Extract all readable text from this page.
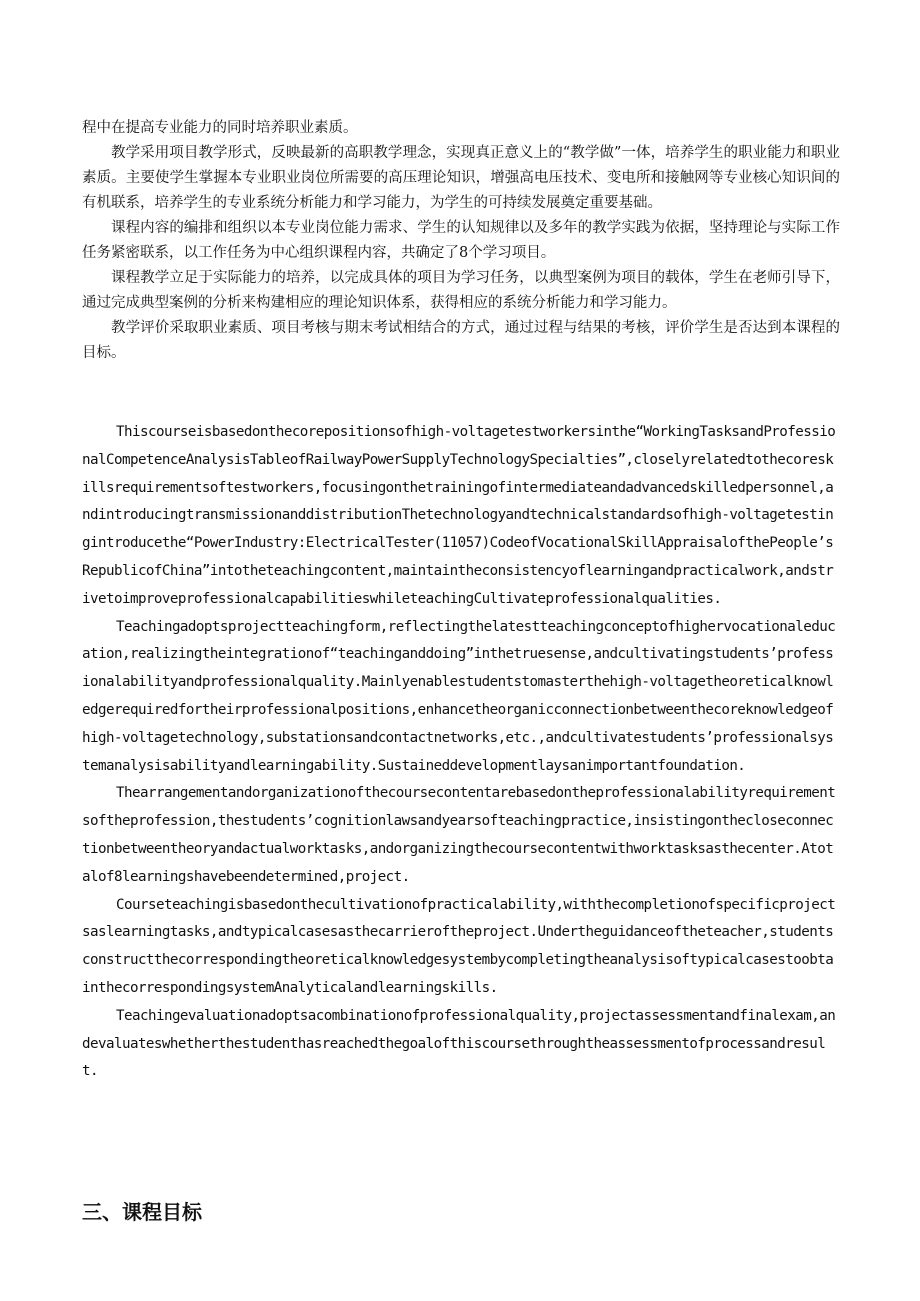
程中在提高专业能力的同时培养职业素质。

教学采用项目教学形式，反映最新的高职教学理念，实现真正意义上的“教学做”一体，培养学生的职业能力和职业素质。主要使学生掌握本专业职业岗位所需要的高压理论知识，增强高电压技术、变电所和接触网等专业核心知识间的有机联系，培养学生的专业系统分析能力和学习能力，为学生的可持续发展奠定重要基础。

课程内容的编排和组织以本专业岗位能力需求、学生的认知规律以及多年的教学实践为依据，坚持理论与实际工作任务紧密联系，以工作任务为中心组织课程内容，共确定了8个学习项目。

课程教学立足于实际能力的培养，以完成具体的项目为学习任务，以典型案例为项目的载体，学生在老师引导下，通过完成典型案例的分析来构建相应的理论知识体系，获得相应的系统分析能力和学习能力。

教学评价采取职业素质、项目考核与期末考试相结合的方式，通过过程与结果的考核，评价学生是否达到本课程的目标。

Thiscourseisbasedonthecorepositionsofhigh-voltagetestworkersinthe“WorkingTasksandProfessionalCompetenceAnalysisTableofRailwayPowerSupplyTechnologySpecialties”,closelyrelatedtothecoreskillsrequirementsoftestworkers,focusingonthetrainingofintermediateandadvancedskilledpersonnel,andintroducingtransmissionanddistributionThetechnologyandtechnicalstandardsofhigh-voltagetestingintroducethe“PowerIndustry:ElectricalTester(11057)CodeofVocationalSkillAppraisalofthePeople’sRepublicofChina”intotheteachingcontent,maintaintheconsistencyoflearningandpracticalwork,andstrivetoimproveprofessionalcapabilitieswhileteachingCultivateprofessionalqualities.

Teachingadoptsprojectteachingform,reflectingthelatestteachingconceptofhighervocationaleducation,realizingtheintegrationof“teachinganddoing”inthetruesense,andcultivatingstudents’professionalabilityandprofessionalquality.Mainlyenablestudentstomasterthehigh-voltagetheoreticalknowledgerequiredfortheirprofessionalpositions,enhancetheorganicconnectionbetweenthecoreknowledgeofhigh-voltagetechnology,substationsandcontactnetworks,etc.,andcultivatestudents’professionalsystemanalysisabilityandlearningability.Sustaineddevelopmentlaysanimportantfoundation.

Thearrangementandorganizationofthecoursecontentarebasedontheprofessionalabilityrequirementsoftheprofession,thestudents’cognitionlawsandyearsofteachingpractice,insistingonthecloseconnectionbetweentheoryandactualworktasks,andorganizingthecoursecontentwithworktasksasthecenter.Atotalof8learningshavebeendetermined,project.

Courseteachingisbasedonthecultivationofpracticalability,withthecompletionofspecificprojectsaslearningtasks,andtypicalcasesasthecarrieroftheproject.Undertheguidanceoftheteacher,studentsconstructthecorrespondingtheoreticalknowledgesystembycompletingtheanalysisoftypicalcasestoobtainthecorrespondingsystemAnalyticalandlearningskills.

Teachingevaluationadoptsacombinationofprofessionalquality,projectassessmentandfinalexam,andevaluateswhetherthestudenthasreachedthegoalofthiscoursethroughtheassessmentofprocessandresult.

三、课程目标
